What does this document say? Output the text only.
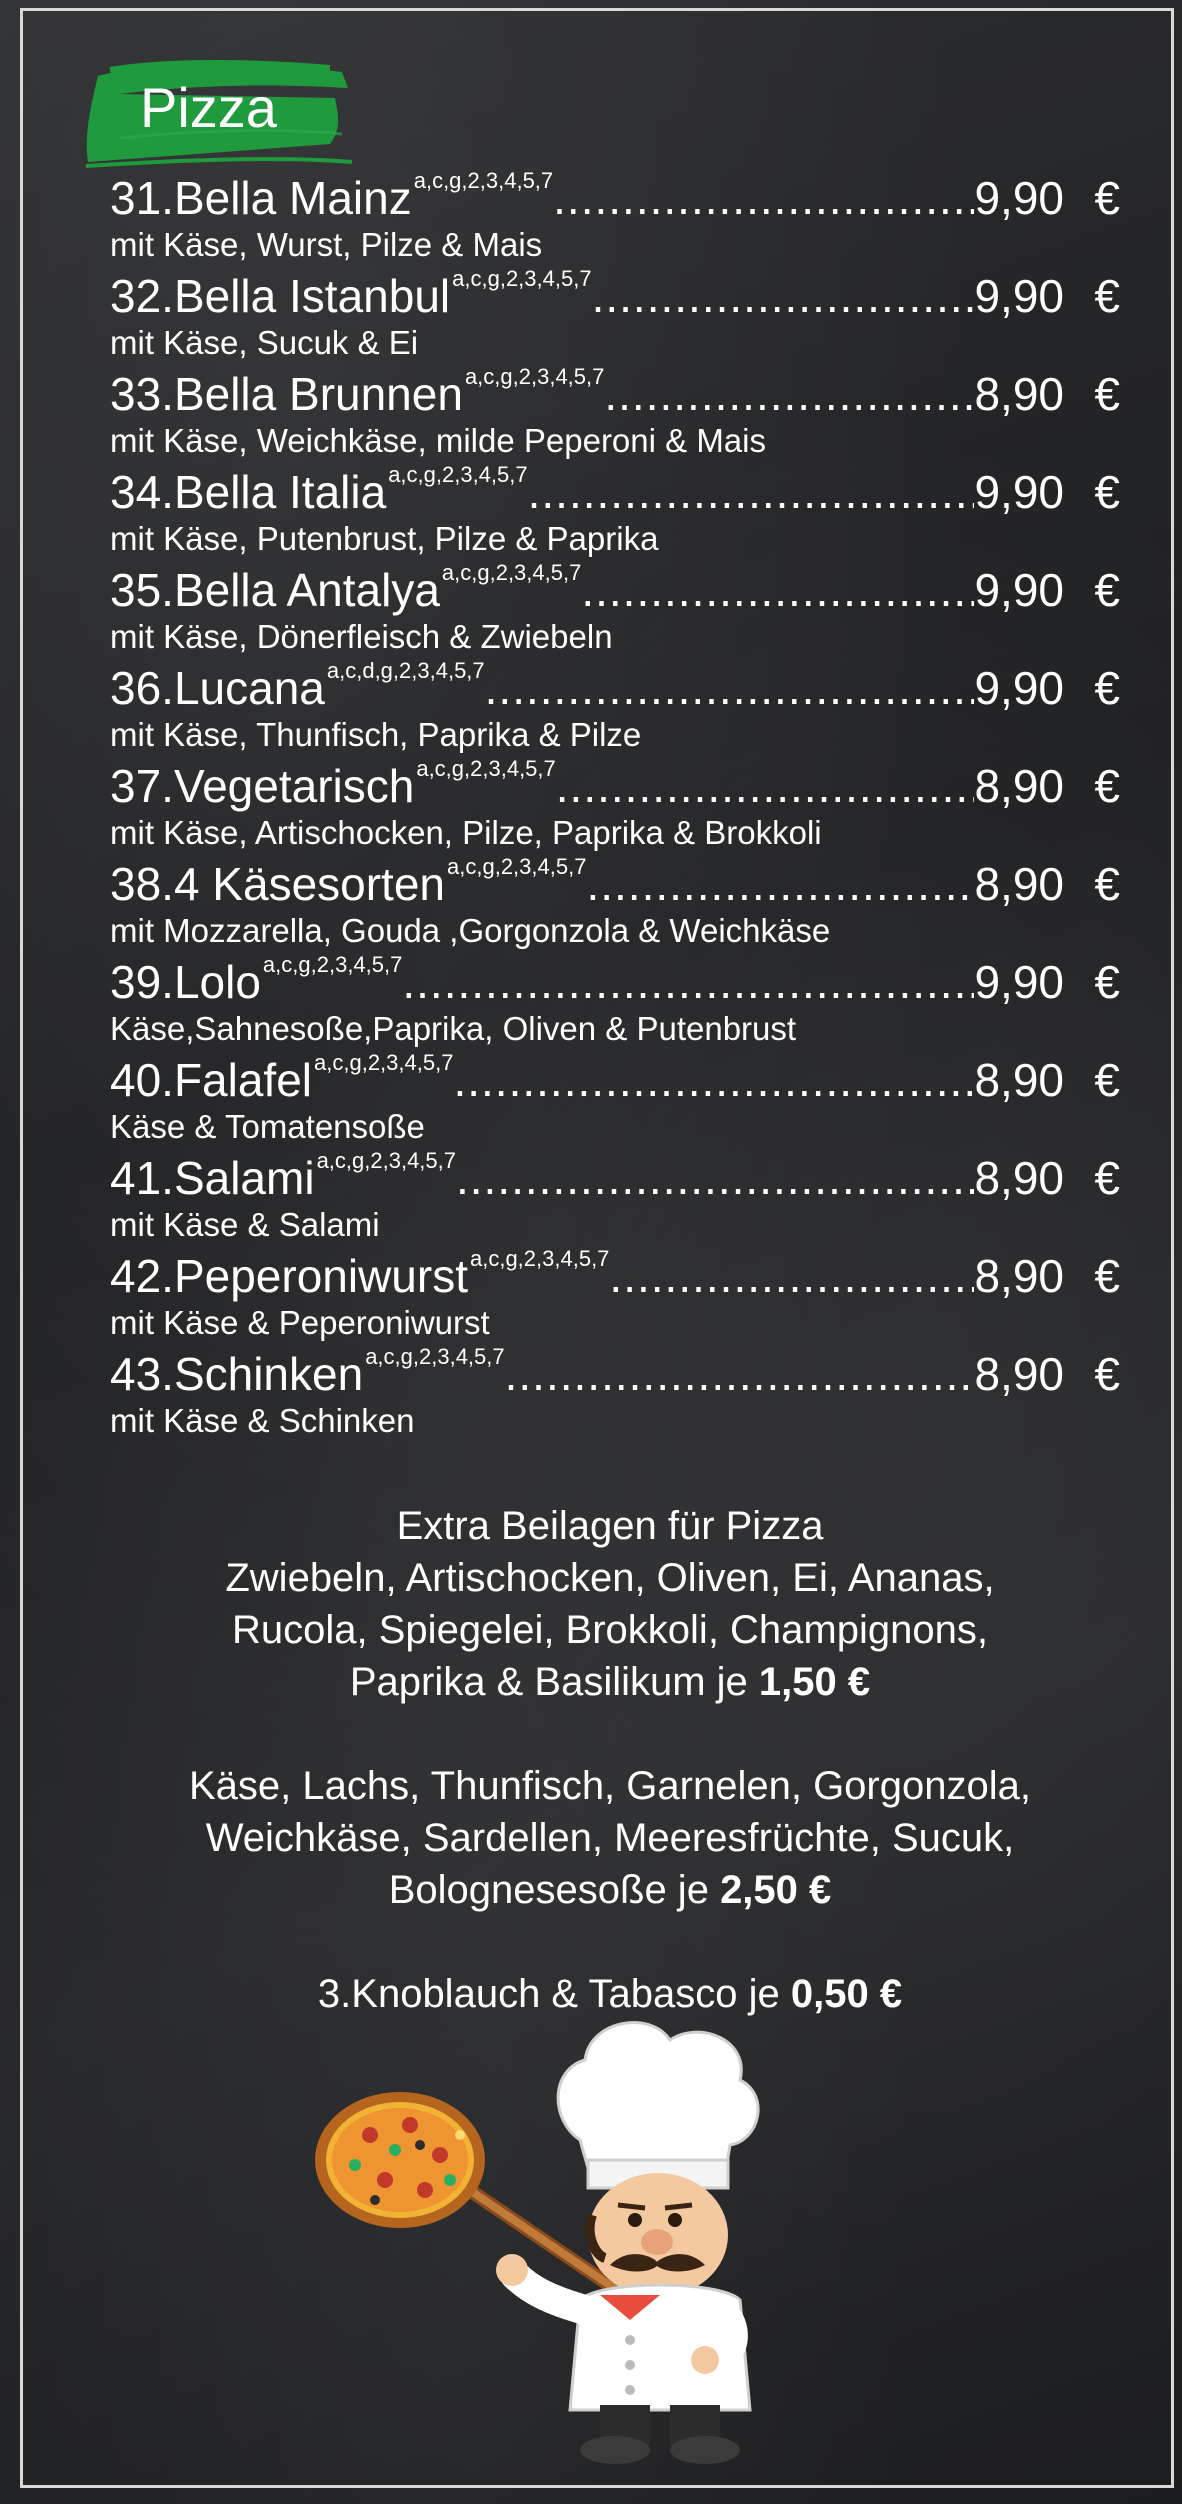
Pizza
31.Bella Mainz a,c,g,2,3,4,5,7 .....	9,90 €
mit Käse, Wurst, Pilze & Mais
32.Bella Istanbul a,c,g,2,3,4,5,7 .....	9,90 €
mit Käse, Sucuk & Ei
33.Bella Brunnen a,c,g,2,3,4,5,7 .....	8,90 €
mit Käse, Weichkäse, milde Peperoni & Mais
34.Bella Italia a,c,g,2,3,4,5,7 .....	9,90 €
mit Käse, Putenbrust, Pilze & Paprika
35.Bella Antalya a,c,g,2,3,4,5,7 .....	9,90 €
mit Käse, Dönerfleisch & Zwiebeln
36.Lucana a,c,d,g,2,3,4,5,7 .....	9,90 €
mit Käse, Thunfisch, Paprika & Pilze
37.Vegetarisch a,c,g,2,3,4,5,7 .....	8,90 €
mit Käse, Artischocken, Pilze, Paprika & Brokkoli
38.4 Käsesorten a,c,g,2,3,4,5,7 .....	8,90 €
mit Mozzarella, Gouda ,Gorgonzola & Weichkäse
39.Lolo a,c,g,2,3,4,5,7 .....	9,90 €
Käse,Sahnesoße,Paprika, Oliven & Putenbrust
40.Falafel a,c,g,2,3,4,5,7 .....	8,90 €
Käse & Tomatensoße
41.Salami a,c,g,2,3,4,5,7 .....	8,90 €
mit Käse & Salami
42.Peperoniwurst a,c,g,2,3,4,5,7 .....	8,90 €
mit Käse & Peperoniwurst
43.Schinken a,c,g,2,3,4,5,7 .....	8,90 €
mit Käse & Schinken

Extra Beilagen für Pizza

Zwiebeln, Artischocken, Oliven, Ei, Ananas,

Rucola, Spiegelei, Brokkoli, Champignons,

Paprika & Basilikum je 1,50 €

Käse, Lachs, Thunfisch, Garnelen, Gorgonzola,

Weichkäse, Sardellen, Meeresfrüchte, Sucuk,

Bolognesesoße je 2,50 €

3.Knoblauch & Tabasco je 0,50 €
